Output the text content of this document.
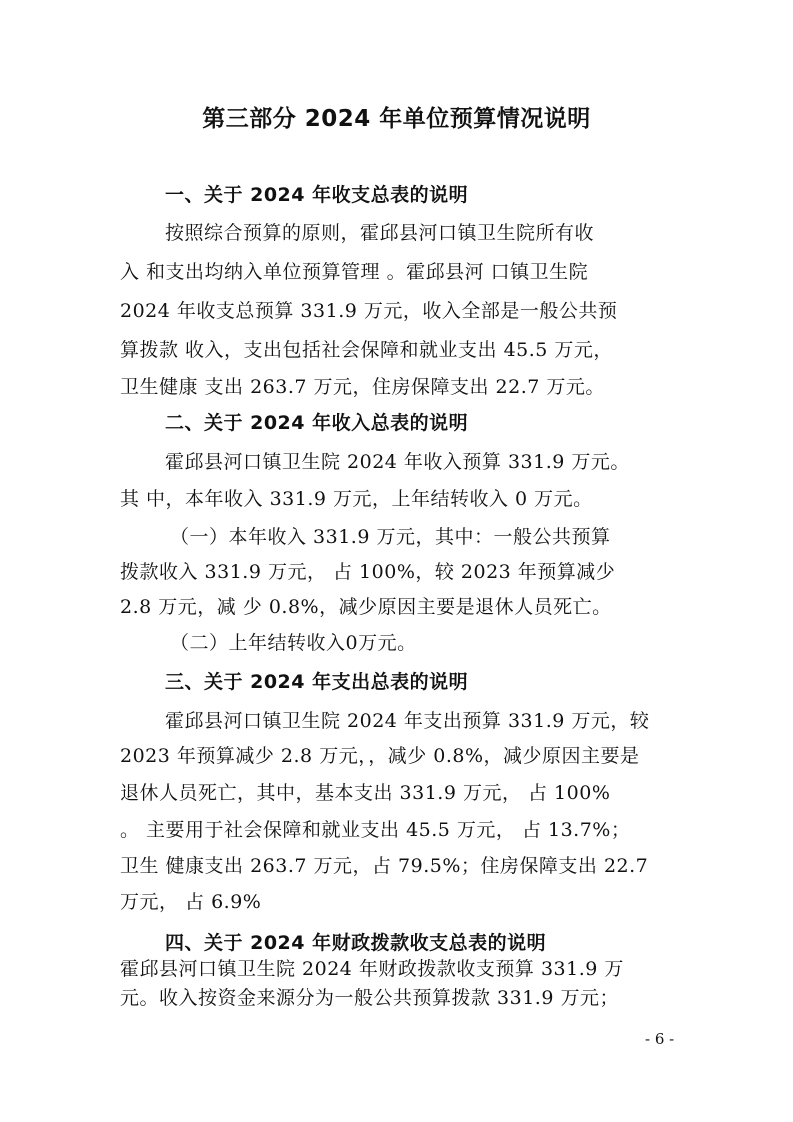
第三部分 2024 年单位预算情况说明
一、关于 2024 年收支总表的说明
按照综合预算的原则，霍邱县河口镇卫生院所有收
入 和支出均纳入单位预算管理 。霍邱县河 口镇卫生院
2024 年收支总预算 331.9 万元，收入全部是一般公共预
算拨款 收入，支出包括社会保障和就业支出 45.5 万元，
卫生健康 支出 263.7 万元，住房保障支出 22.7 万元。
二、关于 2024 年收入总表的说明
霍邱县河口镇卫生院 2024 年收入预算 331.9 万元。
其 中，本年收入 331.9 万元，上年结转收入 0 万元。
（一）本年收入 331.9 万元，其中：一般公共预算
拨款收入 331.9 万元， 占 100%，较 2023 年预算减少
2.8 万元，减 少 0.8%，减少原因主要是退休人员死亡。
（二）上年结转收入0万元。
三、关于 2024 年支出总表的说明
霍邱县河口镇卫生院 2024 年支出预算 331.9 万元，较
2023 年预算减少 2.8 万元，，减少 0.8%，减少原因主要是
退休人员死亡，其中，基本支出 331.9 万元， 占 100%
。 主要用于社会保障和就业支出 45.5 万元， 占 13.7%；
卫生 健康支出 263.7 万元，占 79.5%；住房保障支出 22.7
万元， 占 6.9%
四、关于 2024 年财政拨款收支总表的说明
霍邱县河口镇卫生院 2024 年财政拨款收支预算 331.9 万
元。收入按资金来源分为一般公共预算拨款 331.9 万元；
- 6 -
